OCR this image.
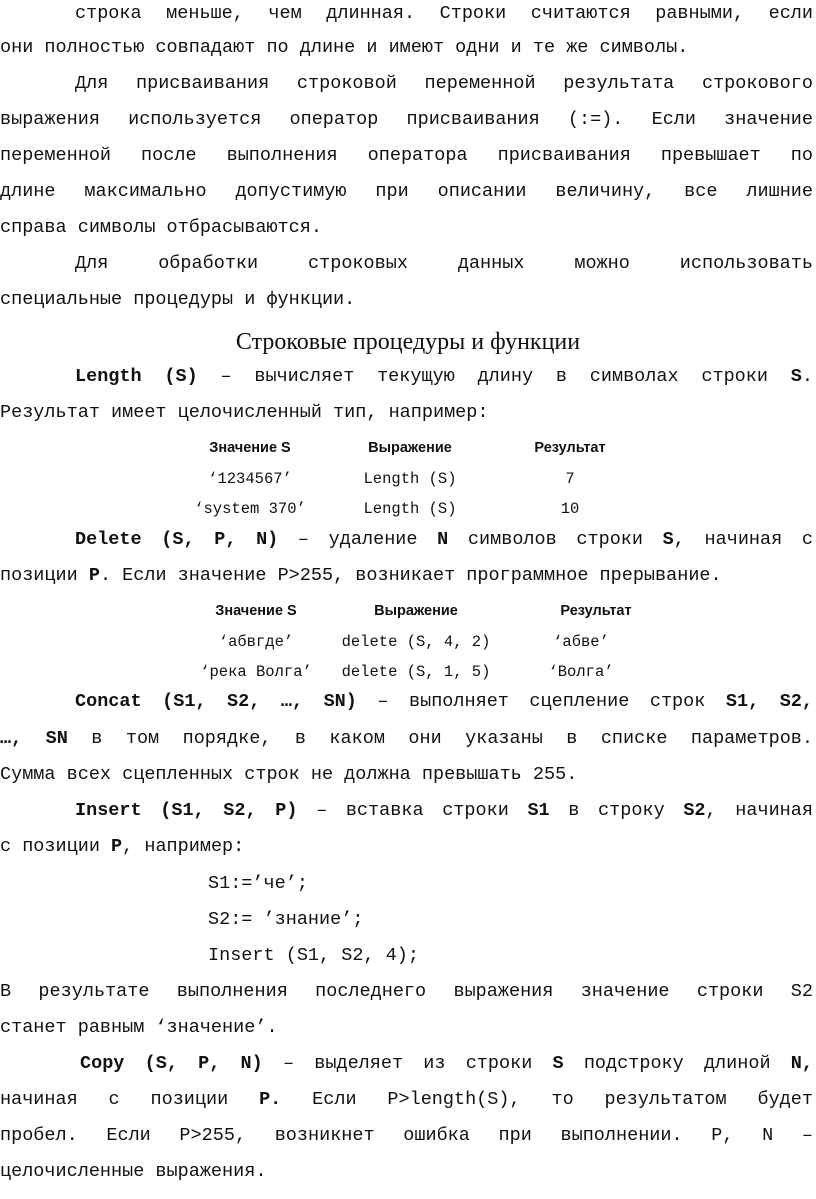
строка меньше, чем длинная. Строки считаются равными, если
они полностью совпадают по длине и имеют одни и те же символы.
Для присваивания строковой переменной результата строкового
выражения используется оператор присваивания (:=). Если значение
переменной после выполнения оператора присваивания превышает по
длине максимально допустимую при описании величину, все лишние
справа символы отбрасываются.
Для обработки строковых данных можно использовать
специальные процедуры и функции.
Строковые процедуры и функции
Length (S) – вычисляет текущую длину в символах строки S.
Результат имеет целочисленный тип, например:
Значение S	Выражение	Результат
‘1234567’	Length (S)	7
‘system 370’	Length (S)	10
Delete (S, P, N) – удаление N символов строки S, начиная с
позиции P. Если значение P>255, возникает программное прерывание.
Значение S	Выражение	Результат
‘абвгде’	delete (S, 4, 2)	‘абве’
‘река Волга’	delete (S, 1, 5)	‘Волга’
Concat (S1, S2, …, SN) – выполняет сцепление строк S1, S2,
…, SN в том порядке, в каком они указаны в списке параметров.
Сумма всех сцепленных строк не должна превышать 255.
Insert (S1, S2, P) – вставка строки S1 в строку S2, начиная
с позиции P, например:
S1:=’че’;
S2:= ’знание’;
Insert (S1, S2, 4);
В результате выполнения последнего выражения значение строки S2
станет равным ‘значение’.
Copy (S, P, N) – выделяет из строки S подстроку длиной N,
начиная с позиции P. Если P>length(S), то результатом будет
пробел. Если P>255, возникнет ошибка при выполнении. P, N –
целочисленные выражения.
